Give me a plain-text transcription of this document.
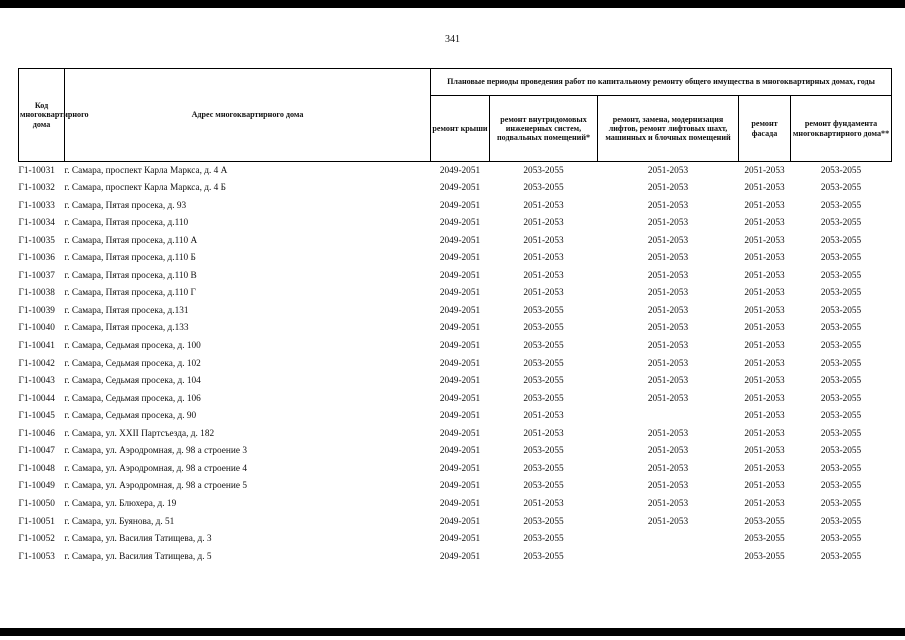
341
Код многоквартирного дома	Адрес многоквартирного дома	Плановые периоды проведения работ по капитальному ремонту общего имущества в многоквартирных домах, годы				
		ремонт крыши	ремонт внутридомовых инженерных систем, подвальных помещений*	ремонт, замена, модернизация лифтов, ремонт лифтовых шахт, машинных и блочных помещений	ремонт фасада	ремонт фундамента многоквартирного дома**
Г1-10031	г. Самара, проспект Карла Маркса, д. 4 А	2049-2051	2053-2055	2051-2053	2051-2053	2053-2055
Г1-10032	г. Самара, проспект Карла Маркса, д. 4 Б	2049-2051	2053-2055	2051-2053	2051-2053	2053-2055
Г1-10033	г. Самара, Пятая просека, д. 93	2049-2051	2051-2053	2051-2053	2051-2053	2053-2055
Г1-10034	г. Самара, Пятая просека, д.110	2049-2051	2051-2053	2051-2053	2051-2053	2053-2055
Г1-10035	г. Самара, Пятая просека, д.110 А	2049-2051	2051-2053	2051-2053	2051-2053	2053-2055
Г1-10036	г. Самара, Пятая просека, д.110 Б	2049-2051	2051-2053	2051-2053	2051-2053	2053-2055
Г1-10037	г. Самара, Пятая просека, д.110 В	2049-2051	2051-2053	2051-2053	2051-2053	2053-2055
Г1-10038	г. Самара, Пятая просека, д.110 Г	2049-2051	2051-2053	2051-2053	2051-2053	2053-2055
Г1-10039	г. Самара, Пятая просека, д.131	2049-2051	2053-2055	2051-2053	2051-2053	2053-2055
Г1-10040	г. Самара, Пятая просека, д.133	2049-2051	2053-2055	2051-2053	2051-2053	2053-2055
Г1-10041	г. Самара, Седьмая просека, д. 100	2049-2051	2053-2055	2051-2053	2051-2053	2053-2055
Г1-10042	г. Самара, Седьмая просека, д. 102	2049-2051	2053-2055	2051-2053	2051-2053	2053-2055
Г1-10043	г. Самара, Седьмая просека, д. 104	2049-2051	2053-2055	2051-2053	2051-2053	2053-2055
Г1-10044	г. Самара, Седьмая просека, д. 106	2049-2051	2053-2055	2051-2053	2051-2053	2053-2055
Г1-10045	г. Самара, Седьмая просека, д. 90	2049-2051	2051-2053		2051-2053	2053-2055
Г1-10046	г. Самара, ул. XXII Партсъезда, д. 182	2049-2051	2051-2053	2051-2053	2051-2053	2053-2055
Г1-10047	г. Самара, ул. Аэродромная, д. 98 а строение 3	2049-2051	2053-2055	2051-2053	2051-2053	2053-2055
Г1-10048	г. Самара, ул. Аэродромная, д. 98 а строение 4	2049-2051	2053-2055	2051-2053	2051-2053	2053-2055
Г1-10049	г. Самара, ул. Аэродромная, д. 98 а строение 5	2049-2051	2053-2055	2051-2053	2051-2053	2053-2055
Г1-10050	г. Самара, ул. Блюхера, д. 19	2049-2051	2051-2053	2051-2053	2051-2053	2053-2055
Г1-10051	г. Самара, ул. Буянова, д. 51	2049-2051	2053-2055	2051-2053	2053-2055	2053-2055
Г1-10052	г. Самара, ул. Василия Татищева, д. 3	2049-2051	2053-2055		2053-2055	2053-2055
Г1-10053	г. Самара, ул. Василия Татищева, д. 5	2049-2051	2053-2055		2053-2055	2053-2055
